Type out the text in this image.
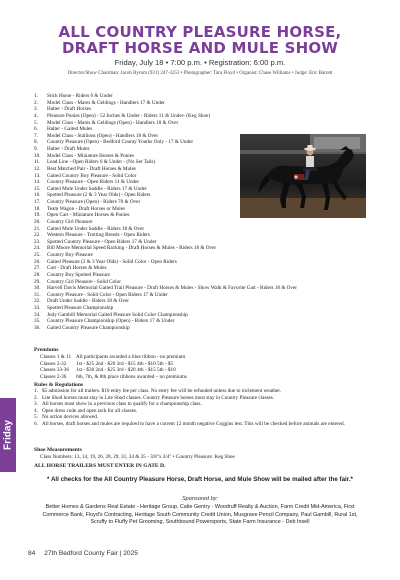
ALL COUNTRY PLEASURE HORSE,
DRAFT HORSE AND MULE SHOW
Friday, July 18 • 7:00 p.m. • Registration: 6:00 p.m.
Director/Show Chairman: Jacob Byrom (931) 247-3253 • Photographer: Tara Floyd • Organist: Chase Williams • Judge: Eric Barrett
1.	Stick Horse - Riders 6 & Under
2.	Model Class - Mares & Geldings - Handlers 17 & Under
3.	Halter - Draft Horses
4.	Pleasure Ponies (Open) - 52 Inches & Under - Riders 11 & Under- (Keg Shoe)
5.	Model Class - Mares & Geldings (Open) - Handlers 18 & Over
6.	Halter - Gaited Mules
7.	Model Class - Stallions (Open) - Handlers 18 & Over
8.	Country Pleasure (Open) - Bedford County Youths Only - 17 & Under
9.	Halter - Draft Mules
10.	Model Class - Miniature Horses & Ponies
11.	Lead Line - Open Riders 6 & Under - (No Set Tails)
12.	Best Matched Pair - Draft Horses & Mules
13.	Gaited Country Boy Pleasure - Solid Color
14.	Country Pleasure - Open Riders 11 & Under
15.	Gaited Mule Under Saddle - Riders 17 & Under
16.	Spotted Pleasure (2 & 3 Year Olds) - Open Riders
17.	Country Pleasure (Open) - Riders 70 & Over
18.	Team Wagon - Draft Horses or Mules
19.	Open Cart - Miniature Horses & Ponies
20.	Country Girl Pleasure
21.	Gaited Mule Under Saddle - Riders 18 & Over
22.	Western Pleasure - Trotting Breeds - Open Riders
23.	Spotted Country Pleasure - Open Riders 17 & Under
24.	Bill Moore Memorial Speed Racking - Draft Horses & Mules - Riders 18 & Over
25.	Country Boy Pleasure
26.	Gaited Pleasure (2 & 3 Year Olds) - Solid Color - Open Riders
27.	Cart - Draft Horses & Mules
28.	Country Boy Spotted Pleasure
29.	Country Girl Pleasure - Solid Color
30.	Harvell Davis Memorial Gaited Trail Pleasure - Draft Horses & Mules - Show Walk & Favorite Gait - Riders 18 & Over
31.	Country Pleasure - Solid Color - Open Riders 17 & Under
32.	Draft Under Saddle - Riders 18 & Over
33.	Spotted Pleasure Championship
34.	Judy Gambill Memorial Gaited Pleasure Solid Color Championship
35.	Country Pleasure Championship (Open) - Riders 17 & Under
36.	Gaited Country Pleasure Championship
Premiums
Classes 1 & 11 All participants awarded a blue ribbon - no premium
Classes 2-32	1st - $25 2nd - $20 3rd - $15 4th - $10 5th - $5
Classes 33-36	1st - $30 2nd - $25 3rd - $20 4th - $15 5th - $10
Classes 2-36	6th, 7th, & 8th place ribbons awarded – no premiums
Rules & Regulations
1. $5 admission for all trailers. $10 entry fee per class. No entry fee will be refunded unless due to inclement weather.
2. Lite Shod horses must stay in Lite Shod classes. Country Pleasure horses must stay in Country Pleasure classes.
3. All horses must show in a previous class to qualify for a championship class.
4. Open dress code and open tack for all classes.
5. No action devices allowed.
6. All horses, draft horses and mules are required to have a current 12 month negative Coggins test. This will be checked before animals are entered.
Shoe Measurements
Class Numbers: 13, 14, 19, 26, 28, 29, 31, 34 & 35 - 3/8"x 3/4" • Country Pleasure: Keg Shoe
ALL HORSE TRAILERS MUST ENTER IN GATE D.
* All checks for the All Country Pleasure Horse, Draft Horse, and Mule Show will be mailed after the fair.*
Sponsored by:
Better Homes & Gardens Real Estate - Heritage Group, Catie Gentry - Woodruff Realty & Auction, Farm Credit Mid-America, First Commerce Bank, Floyd's Contracting, Heritage South Community Credit Union, Musgrave Pencil Company, Paul Gambill, Rural 1st, Scruffy to Fluffy Pet Grooming, Southbound Powersports, State Farm Insurance - Deb Insell
Friday
84 27th Bedford County Fair | 2025
